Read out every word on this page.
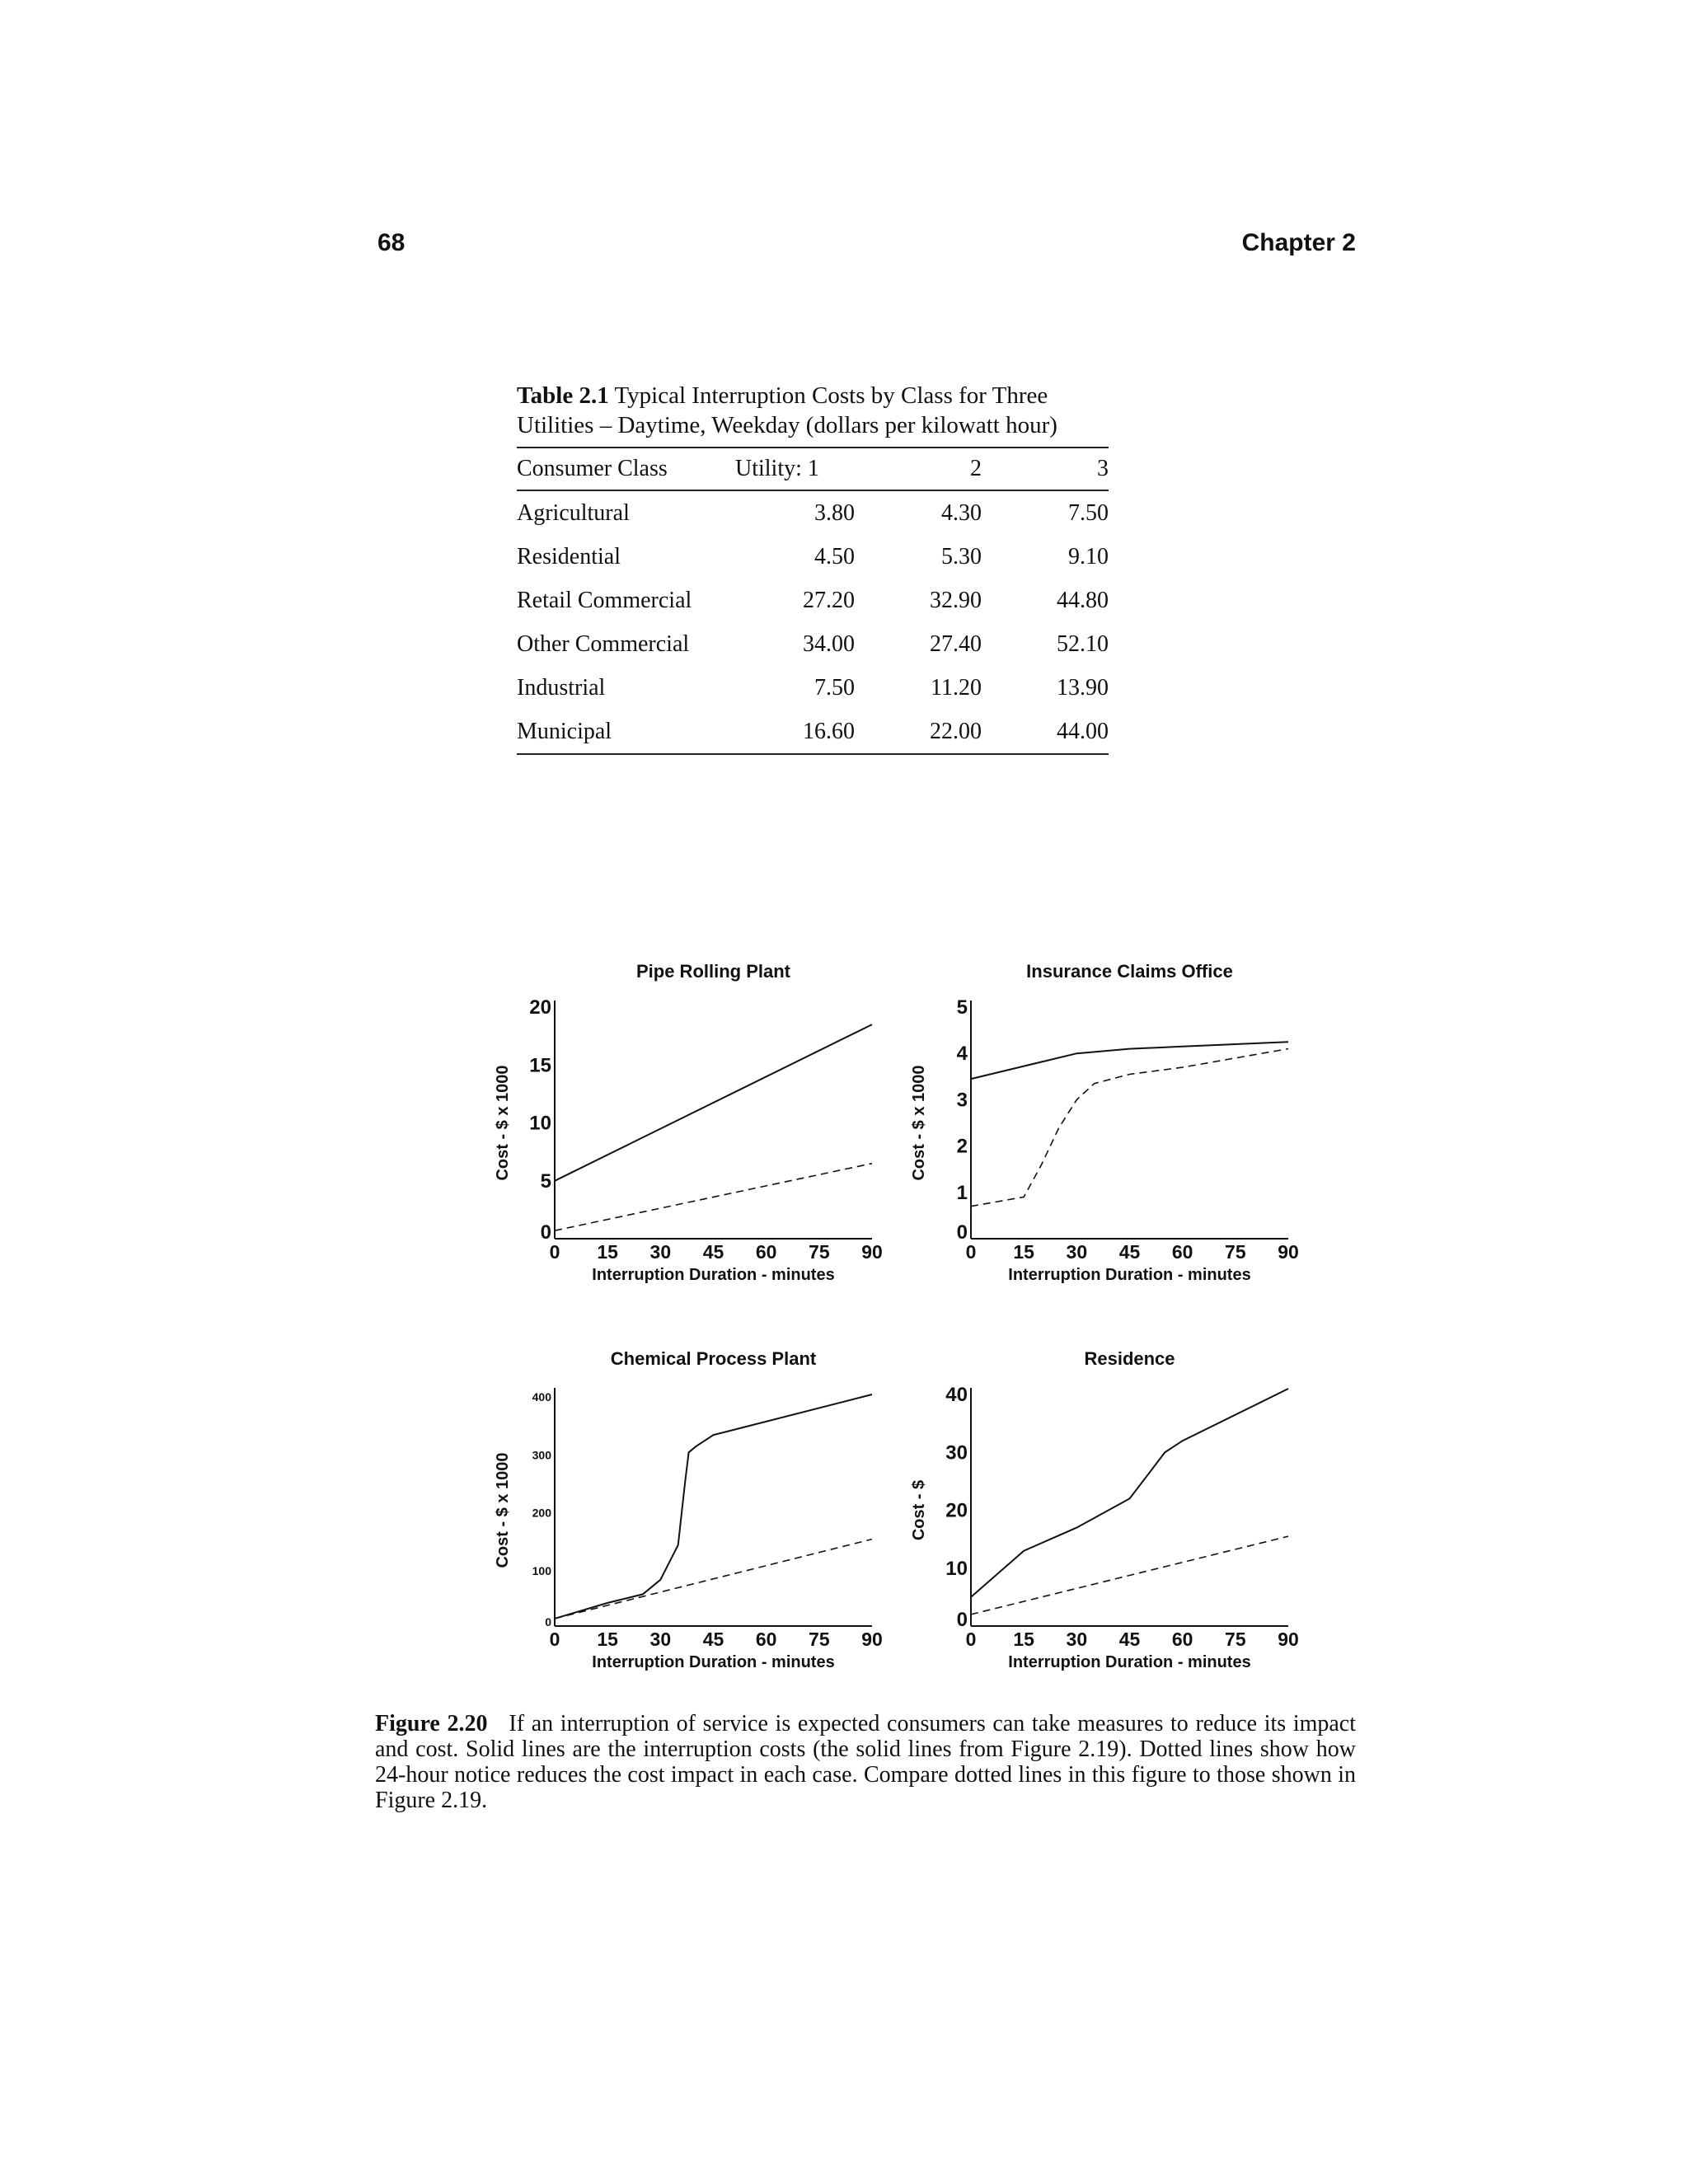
68	Chapter 2

Table 2.1 Typical Interruption Costs by Class for Three Utilities – Daytime, Weekday (dollars per kilowatt hour)

Consumer Class	Utility: 1	2	3
Agricultural	3.80	4.30	7.50
Residential	4.50	5.30	9.10
Retail Commercial	27.20	32.90	44.80
Other Commercial	34.00	27.40	52.10
Industrial	7.50	11.20	13.90
Municipal	16.60	22.00	44.00
Pipe Rolling Plant
0
5
10
15
20
0 15 30 45 60 75 90
Interruption Duration - minutes
Cost - $ x 1000
Insurance Claims Office
0
1
2
3
4
5
0 15 30 45 60 75 90
Interruption Duration - minutes
Cost - $ x 1000
Chemical Process Plant
0
100
200
300
400
0 15 30 45 60 75 90
Interruption Duration - minutes
Cost - $ x 1000
Residence
0
10
20
30
40
0 15 30 45 60 75 90
Interruption Duration - minutes
Cost - $

Figure 2.20 If an interruption of service is expected consumers can take measures to reduce its impact and cost. Solid lines are the interruption costs (the solid lines from Figure 2.19). Dotted lines show how 24-hour notice reduces the cost impact in each case. Compare dotted lines in this figure to those shown in Figure 2.19.
